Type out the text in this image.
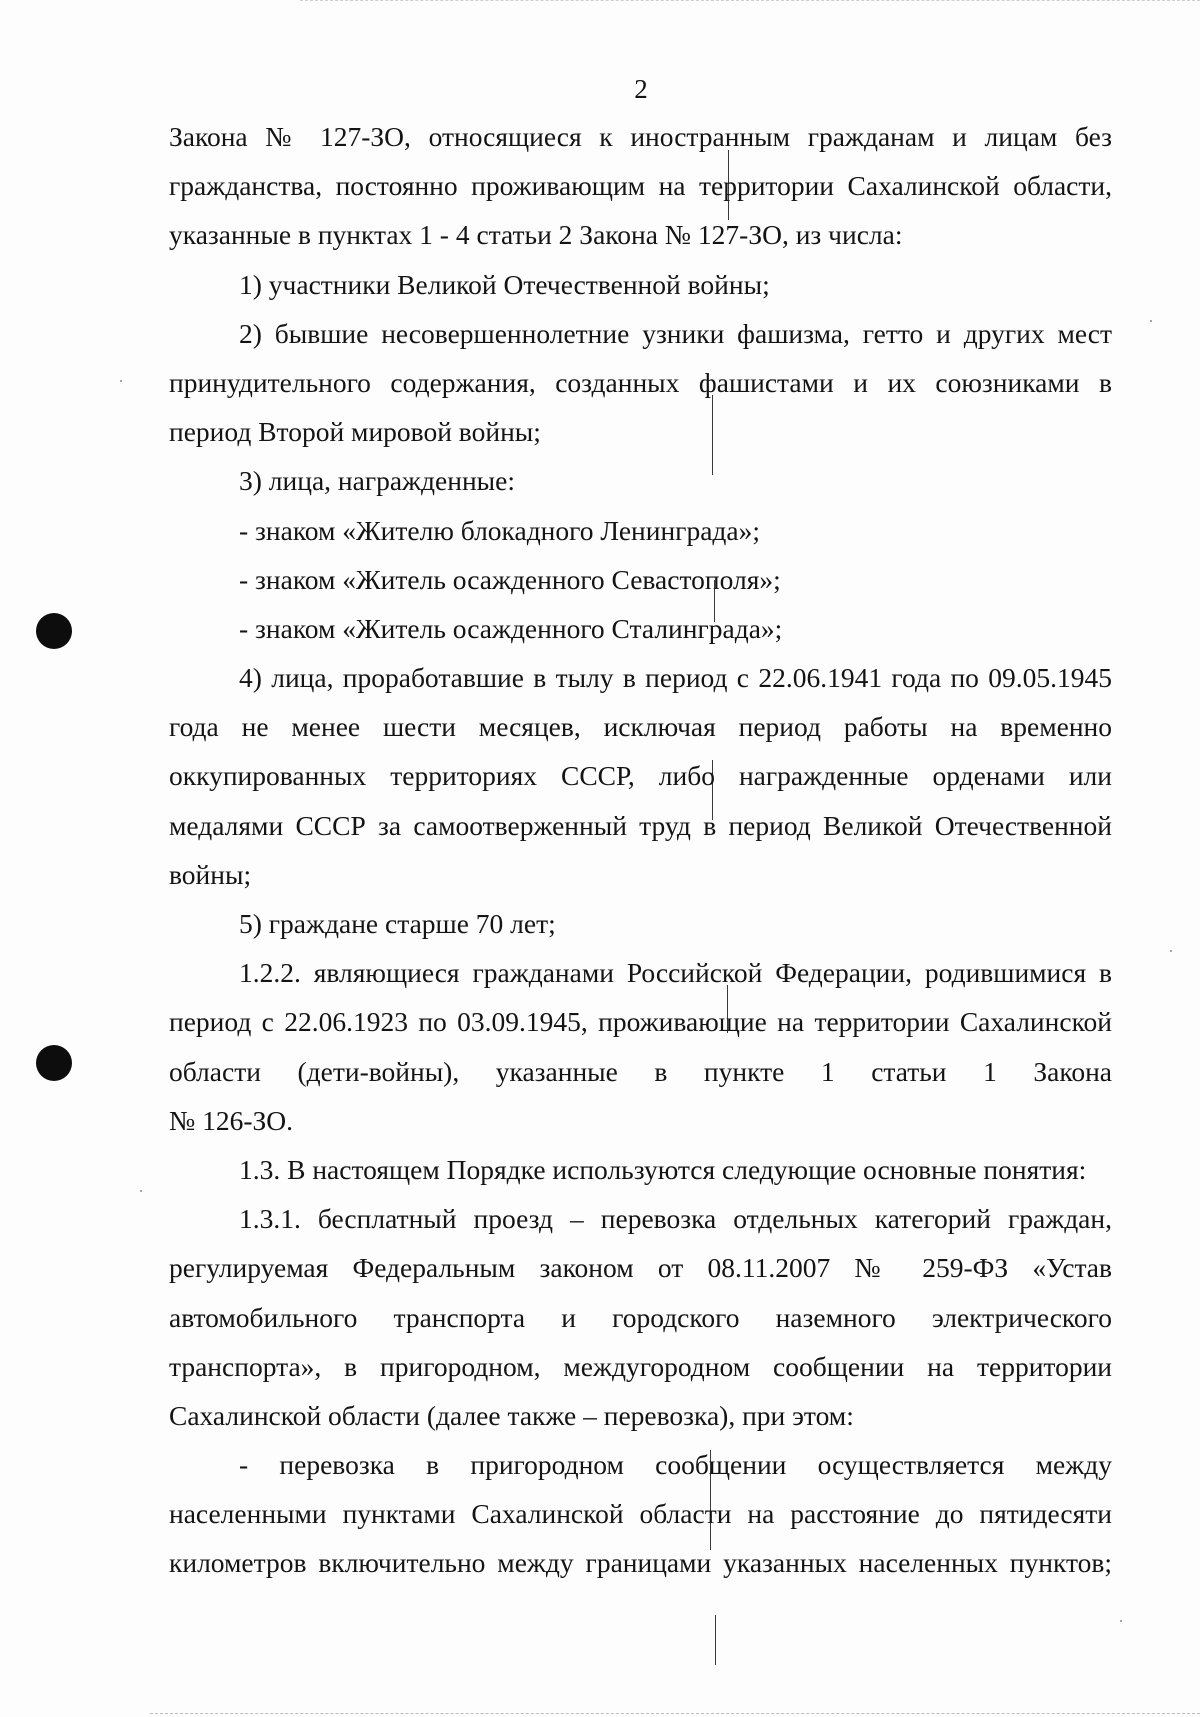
2
Закона № 127-ЗО, относящиеся к иностранным гражданам и лицам без
гражданства, постоянно проживающим на территории Сахалинской области,
указанные в пунктах 1 - 4 статьи 2 Закона № 127-ЗО, из числа:
1) участники Великой Отечественной войны;
2) бывшие несовершеннолетние узники фашизма, гетто и других мест
принудительного содержания, созданных фашистами и их союзниками в
период Второй мировой войны;
3) лица, награжденные:
- знаком «Жителю блокадного Ленинграда»;
- знаком «Житель осажденного Севастополя»;
- знаком «Житель осажденного Сталинграда»;
4) лица, проработавшие в тылу в период с 22.06.1941 года по 09.05.1945
года не менее шести месяцев, исключая период работы на временно
оккупированных территориях СССР, либо награжденные орденами или
медалями СССР за самоотверженный труд в период Великой Отечественной
войны;
5) граждане старше 70 лет;
1.2.2. являющиеся гражданами Российской Федерации, родившимися в
период с 22.06.1923 по 03.09.1945, проживающие на территории Сахалинской
области (дети-войны), указанные в пункте 1 статьи 1 Закона
№ 126-ЗО.
1.3. В настоящем Порядке используются следующие основные понятия:
1.3.1. бесплатный проезд – перевозка отдельных категорий граждан,
регулируемая Федеральным законом от 08.11.2007 № 259-ФЗ «Устав
автомобильного транспорта и городского наземного электрического
транспорта», в пригородном, междугородном сообщении на территории
Сахалинской области (далее также – перевозка), при этом:
- перевозка в пригородном сообщении осуществляется между
населенными пунктами Сахалинской области на расстояние до пятидесяти
километров включительно между границами указанных населенных пунктов;
